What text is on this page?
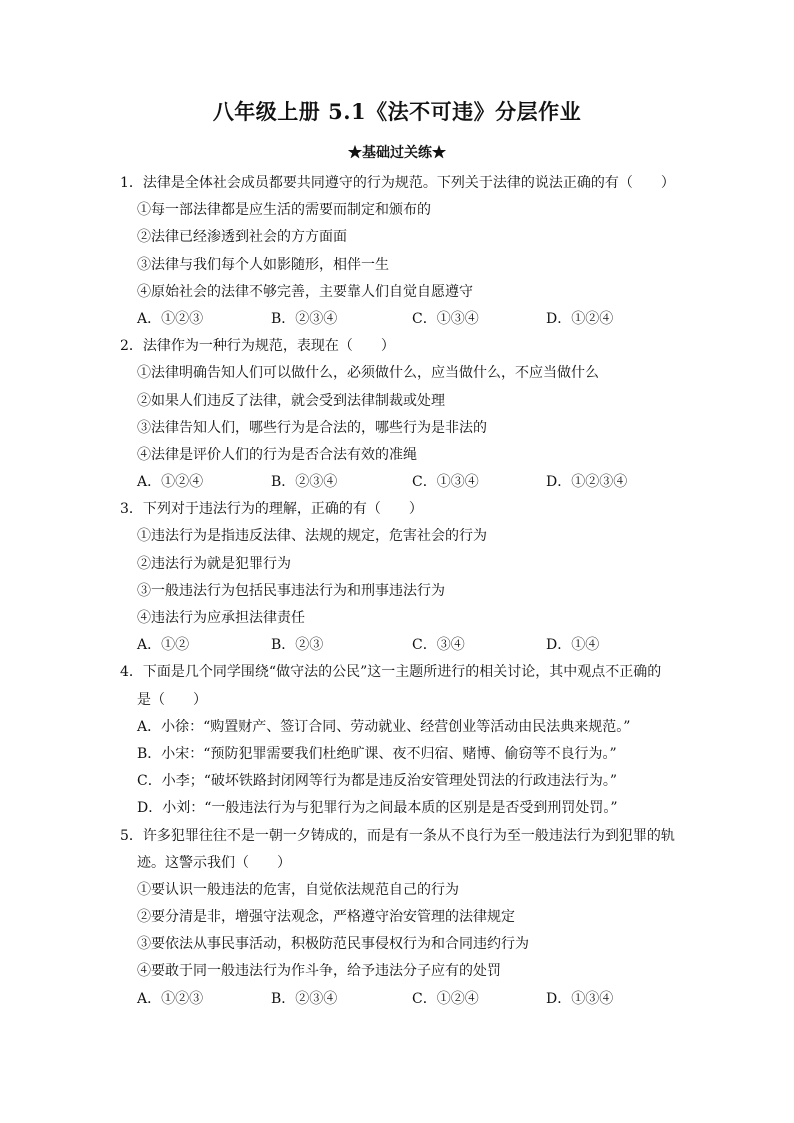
八年级上册 5.1《法不可违》分层作业
★基础过关练★
1．法律是全体社会成员都要共同遵守的行为规范。下列关于法律的说法正确的有（　　）
①每一部法律都是应生活的需要而制定和颁布的
②法律已经渗透到社会的方方面面
③法律与我们每个人如影随形，相伴一生
④原始社会的法律不够完善，主要靠人们自觉自愿遵守
A．①②③	B．②③④	C．①③④	D．①②④
2．法律作为一种行为规范，表现在（　　）
①法律明确告知人们可以做什么，必须做什么，应当做什么，不应当做什么
②如果人们违反了法律，就会受到法律制裁或处理
③法律告知人们，哪些行为是合法的，哪些行为是非法的
④法律是评价人们的行为是否合法有效的准绳
A．①②④	B．②③④	C．①③④	D．①②③④
3．下列对于违法行为的理解，正确的有（　　）
①违法行为是指违反法律、法规的规定，危害社会的行为
②违法行为就是犯罪行为
③一般违法行为包括民事违法行为和刑事违法行为
④违法行为应承担法律责任
A．①②	B．②③	C．③④	D．①④
4．下面是几个同学围绕“做守法的公民”这一主题所进行的相关讨论，其中观点不正确的
是（　　）
A．小徐：“购置财产、签订合同、劳动就业、经营创业等活动由民法典来规范。”
B．小宋：“预防犯罪需要我们杜绝旷课、夜不归宿、赌博、偷窃等不良行为。”
C．小李；“破坏铁路封闭网等行为都是违反治安管理处罚法的行政违法行为。”
D．小刘：“一般违法行为与犯罪行为之间最本质的区别是是否受到刑罚处罚。”
5．许多犯罪往往不是一朝一夕铸成的，而是有一条从不良行为至一般违法行为到犯罪的轨
迹。这警示我们（　　）
①要认识一般违法的危害，自觉依法规范自己的行为
②要分清是非，增强守法观念，严格遵守治安管理的法律规定
③要依法从事民事活动，积极防范民事侵权行为和合同违约行为
④要敢于同一般违法行为作斗争，给予违法分子应有的处罚
A．①②③	B．②③④	C．①②④	D．①③④
